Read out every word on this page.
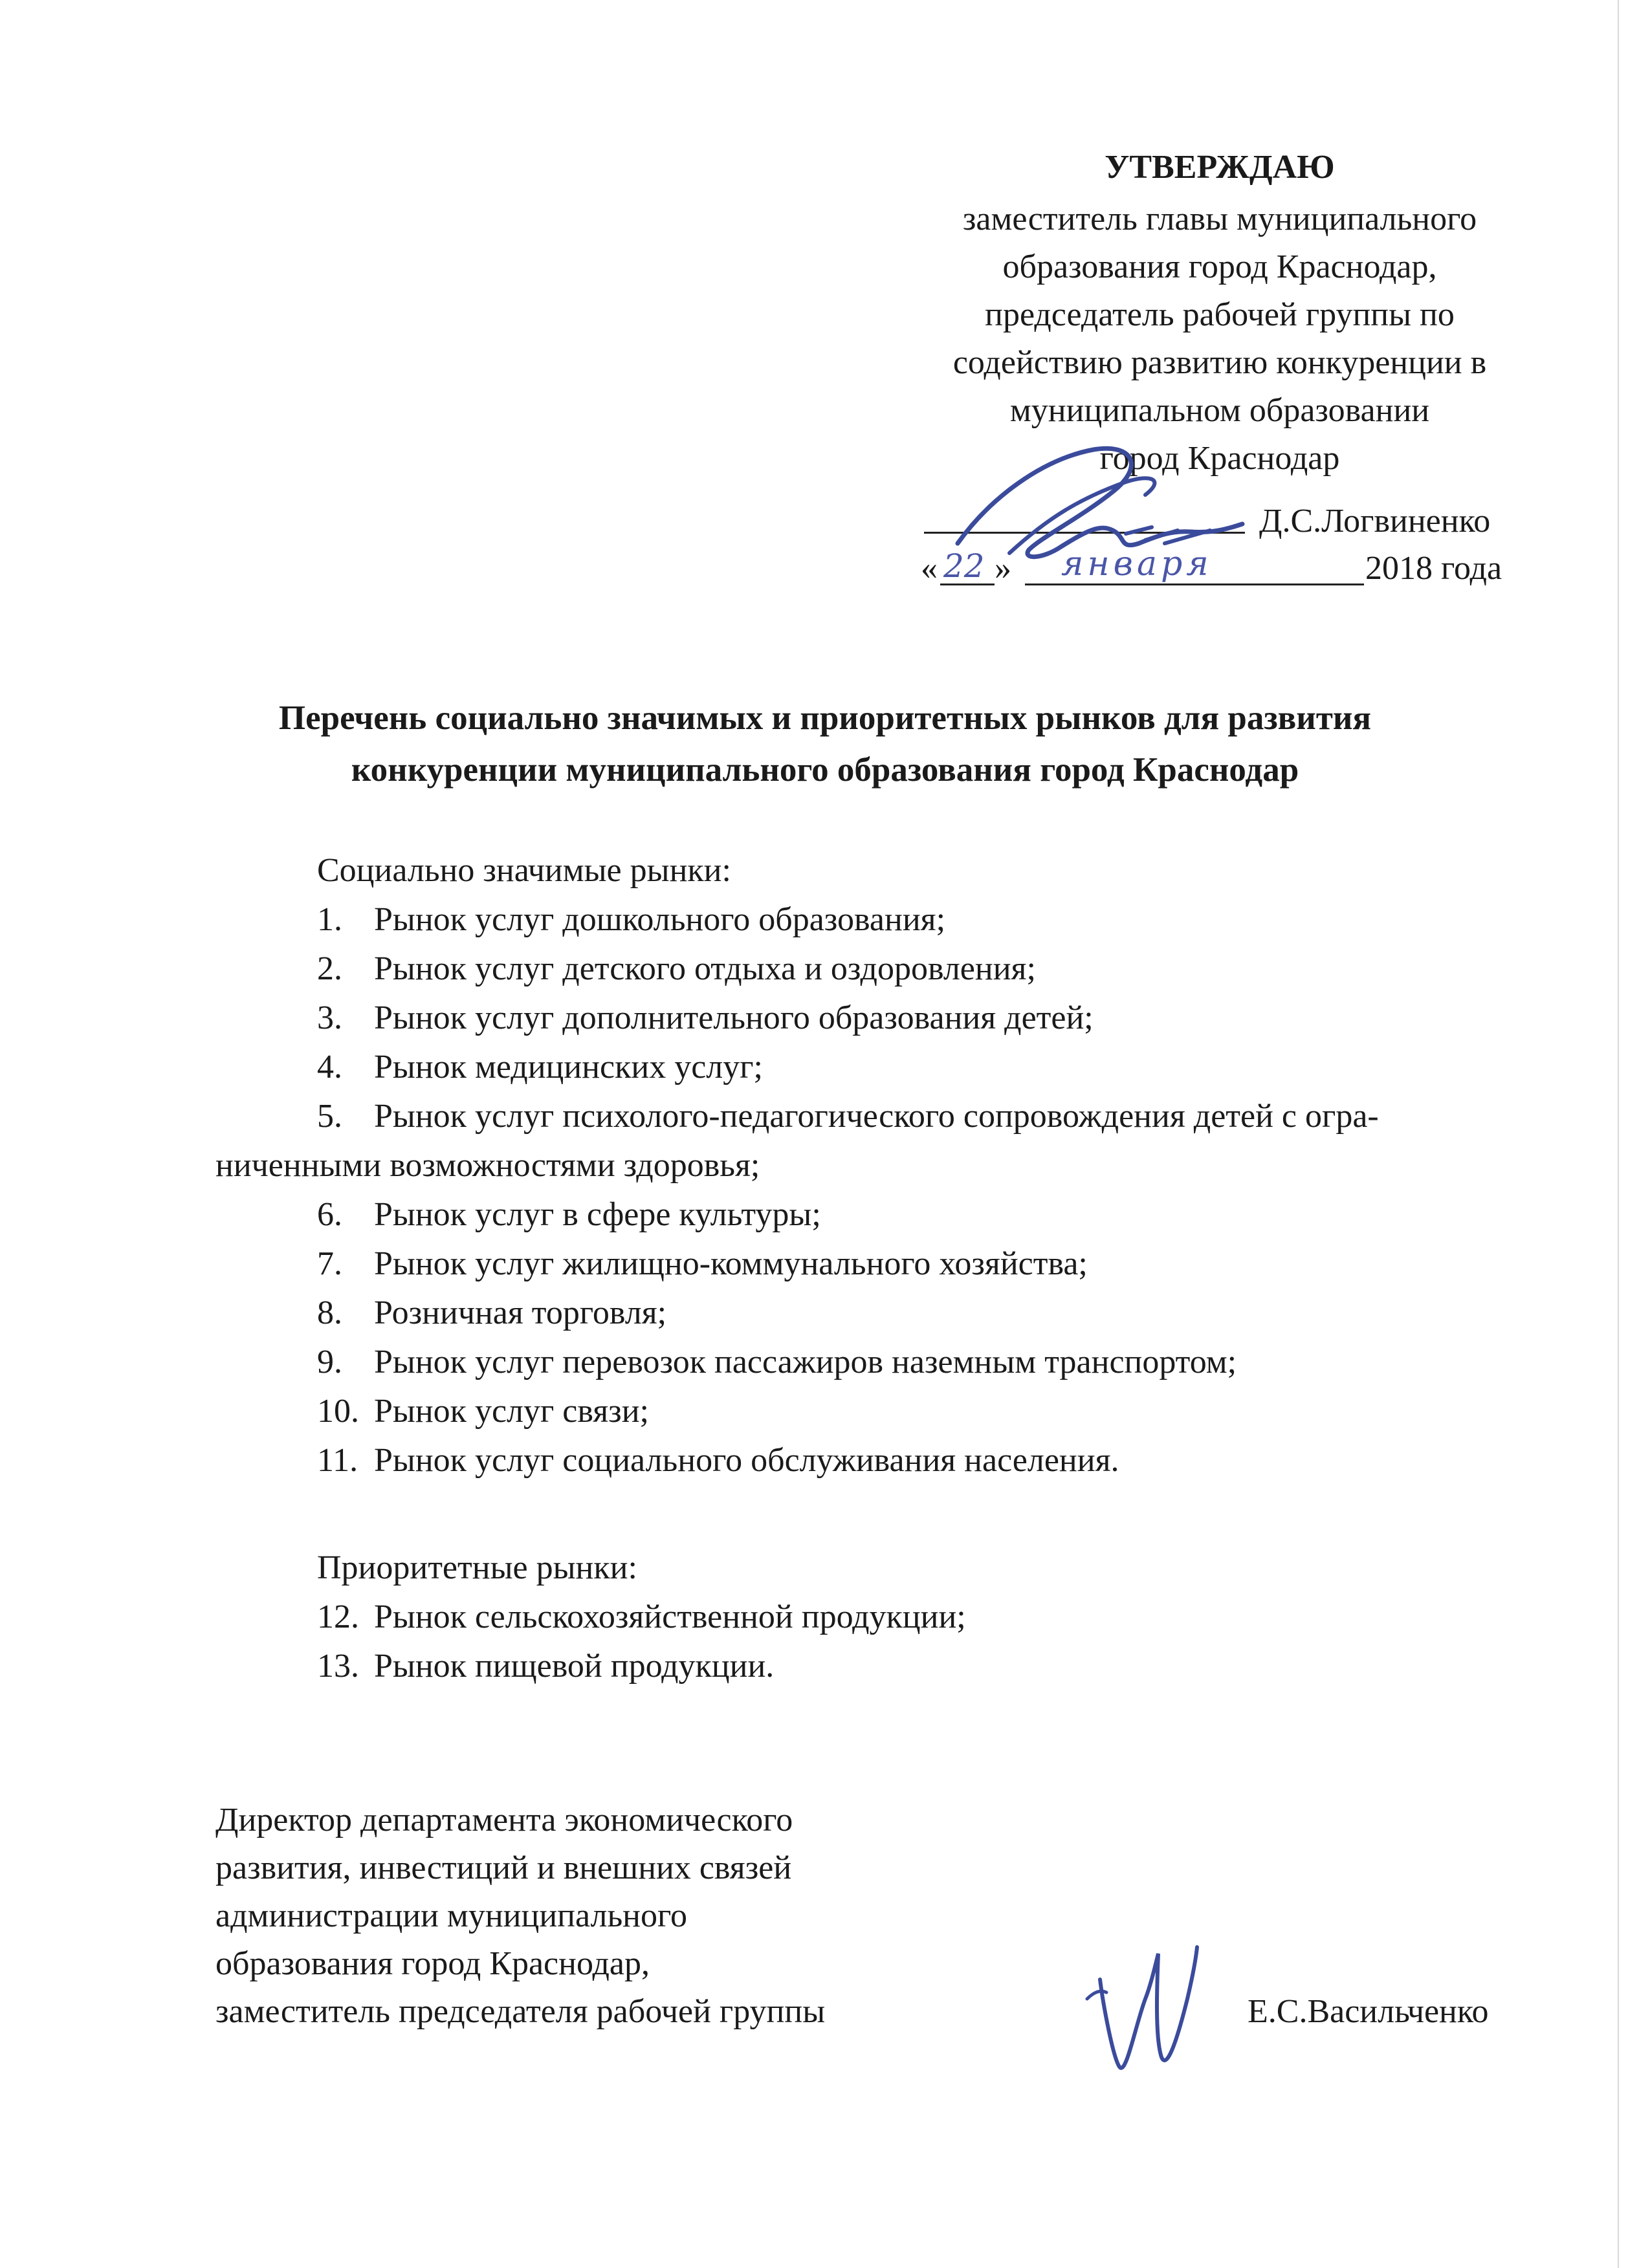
УТВЕРЖДАЮ
заместитель главы муниципального
образования город Краснодар,
председатель рабочей группы по
содействию развитию конкуренции в
муниципальном образовании
город Краснодар
Д.С.Логвиненко
« 22 » января	2018 года
Перечень социально значимых и приоритетных рынков для развития
конкуренции муниципального образования город Краснодар
Социально значимые рынки:
1. Рынок услуг дошкольного образования;
2. Рынок услуг детского отдыха и оздоровления;
3. Рынок услуг дополнительного образования детей;
4. Рынок медицинских услуг;
5. Рынок услуг психолого-педагогического сопровождения детей с огра-
ниченными возможностями здоровья;
6. Рынок услуг в сфере культуры;
7. Рынок услуг жилищно-коммунального хозяйства;
8. Розничная торговля;
9. Рынок услуг перевозок пассажиров наземным транспортом;
10. Рынок услуг связи;
11. Рынок услуг социального обслуживания населения.
Приоритетные рынки:
12. Рынок сельскохозяйственной продукции;
13. Рынок пищевой продукции.
Директор департамента экономического
развития, инвестиций и внешних связей
администрации муниципального
образования город Краснодар,
заместитель председателя рабочей группы	Е.С.Васильченко
